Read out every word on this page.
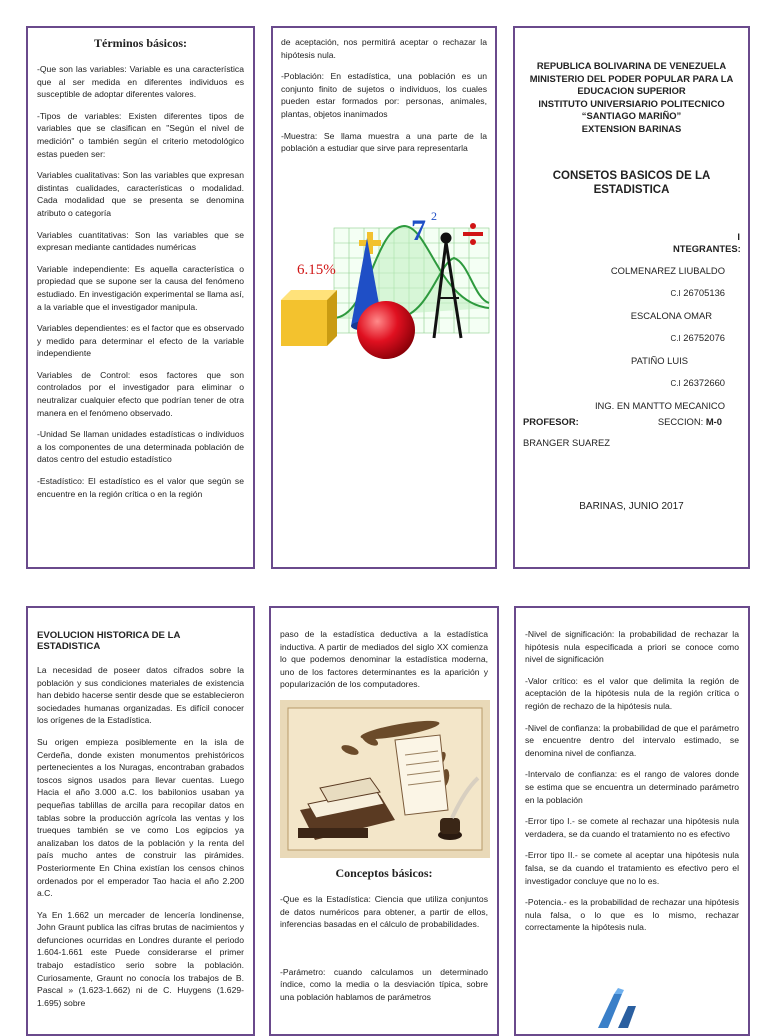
Términos básicos:

-Que son las variables: Variable es una característica que al ser medida en diferentes individuos es susceptible de adoptar diferentes valores.

-Tipos de variables: Existen diferentes tipos de variables que se clasifican en "Según el nivel de medición" o también según el criterio metodológico estas pueden ser:

Variables cualitativas: Son las variables que expresan distintas cualidades, características o modalidad. Cada modalidad que se presenta se denomina atributo o categoría

Variables cuantitativas: Son las variables que se expresan mediante cantidades numéricas

Variable independiente: Es aquella característica o propiedad que se supone ser la causa del fenómeno estudiado. En investigación experimental se llama así, a la variable que el investigador manipula.

Variables dependientes: es el factor que es observado y medido para determinar el efecto de la variable independiente

Variables de Control: esos factores que son controlados por el investigador para eliminar o neutralizar cualquier efecto que podrían tener de otra manera en el fenómeno observado.

-Unidad Se llaman unidades estadísticas o individuos a los componentes de una determinada población de datos centro del estudio estadístico

-Estadístico: El estadístico es el valor que según se encuentre en la región crítica o en la región

de aceptación, nos permitirá aceptar o rechazar la hipótesis nula.

-Población: En estadística, una población es un conjunto finito de sujetos o individuos, los cuales pueden estar formados por: personas, animales, plantas, objetos inanimados

-Muestra: Se llama muestra a una parte de la población a estudiar que sirve para representarla

6.15%
7 2
REPUBLICA BOLIVARINA DE VENEZUELA
MINISTERIO DEL PODER POPULAR PARA LA
EDUCACION SUPERIOR
INSTITUTO UNIVERSIARIO POLITECNICO
“SANTIAGO MARIÑO”
EXTENSION BARINAS
CONSETOS BASICOS DE LA
ESTADISTICA
I
NTEGRANTES:
COLMENAREZ LIUBALDO
C.I 26705136
ESCALONA OMAR
C.I 26752076
PATIÑO LUIS
C.I 26372660
ING. EN MANTTO MECANICO
PROFESOR:	SECCION: M-0
BRANGER SUAREZ
BARINAS, JUNIO 2017
EVOLUCION HISTORICA DE LA ESTADISTICA

La necesidad de poseer datos cifrados sobre la población y sus condiciones materiales de existencia han debido hacerse sentir desde que se establecieron sociedades humanas organizadas. Es difícil conocer los orígenes de la Estadística.

Su origen empieza posiblemente en la isla de Cerdeña, donde existen monumentos prehistóricos pertenecientes a los Nuragas, encontraban grabados toscos signos usados para llevar cuentas. Luego Hacia el año 3.000 a.C. los babilonios usaban ya pequeñas tablillas de arcilla para recopilar datos en tablas sobre la producción agrícola las ventas y los trueques también se ve como Los egipcios ya analizaban los datos de la población y la renta del país mucho antes de construir las pirámides. Posteriormente En China existían los censos chinos ordenados por el emperador Tao hacia el año 2.200 a.C.

Ya En 1.662 un mercader de lencería londinense, John Graunt publica las cifras brutas de nacimientos y defunciones ocurridas en Londres durante el periodo 1.604-1.661 este Puede considerarse el primer trabajo estadístico serio sobre la población. Curiosamente, Graunt no conocía los trabajos de B. Pascal » (1.623-1.662) ni de C. Huygens (1.629-1.695) sobre

paso de la estadística deductiva a la estadística inductiva. A partir de mediados del siglo XX comienza lo que podemos denominar la estadística moderna, uno de los factores determinantes es la aparición y popularización de los computadores.

Conceptos básicos:

-Que es la Estadística: Ciencia que utiliza conjuntos de datos numéricos para obtener, a partir de ellos, inferencias basadas en el cálculo de probabilidades.

-Parámetro: cuando calculamos un determinado índice, como la media o la desviación típica, sobre una población hablamos de parámetros

-Nivel de significación: la probabilidad de rechazar la hipótesis nula especificada a priori se conoce como nivel de significación

-Valor crítico: es el valor que delimita la región de aceptación de la hipótesis nula de la región crítica o región de rechazo de la hipótesis nula.

-Nivel de confianza: la probabilidad de que el parámetro se encuentre dentro del intervalo estimado, se denomina nivel de confianza.

-Intervalo de confianza: es el rango de valores donde se estima que se encuentra un determinado parámetro en la población

-Error tipo I.- se comete al rechazar una hipótesis nula verdadera, se da cuando el tratamiento no es efectivo

-Error tipo II.- se comete al aceptar una hipótesis nula falsa, se da cuando el tratamiento es efectivo pero el investigador concluye que no lo es.

-Potencia.- es la probabilidad de rechazar una hipótesis nula falsa, o lo que es lo mismo, rechazar correctamente la hipótesis nula.
